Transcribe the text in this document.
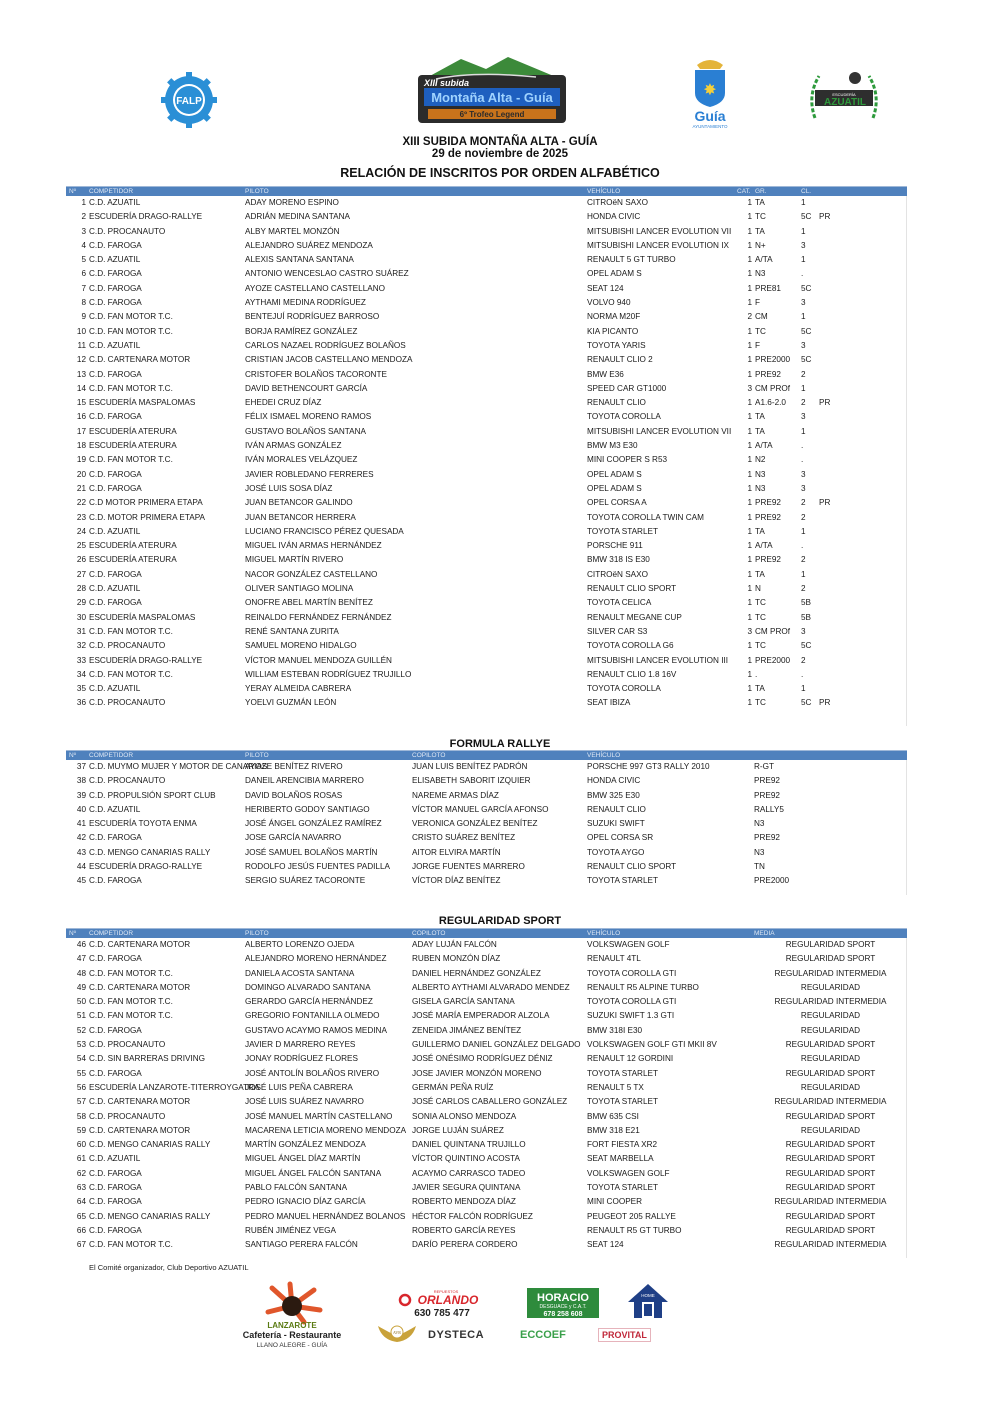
FALP
XIII subida
Montaña Alta - Guía
6º Trofeo Legend
✸
Guía
AYUNTAMIENTO
ESCUDERÍA
AZUATIL
XIII SUBIDA MONTAÑA ALTA - GUÍA
29 de noviembre de 2025
RELACIÓN DE INSCRITOS POR ORDEN ALFABÉTICO
Nº	COMPETIDOR	PILOTO	VEHÍCULO	CAT.	GR.	CL.	
1	C.D. AZUATIL	ADAY MORENO ESPINO	CITROëN SAXO	1	TA	1	
2	ESCUDERÍA DRAGO-RALLYE	ADRIÁN MEDINA SANTANA	HONDA CIVIC	1	TC	5C	PR
3	C.D. PROCANAUTO	ALBY MARTEL MONZÓN	MITSUBISHI LANCER EVOLUTION VII	1	TA	1	
4	C.D. FAROGA	ALEJANDRO SUÁREZ MENDOZA	MITSUBISHI LANCER EVOLUTION IX	1	N+	3	
5	C.D. AZUATIL	ALEXIS SANTANA SANTANA	RENAULT 5 GT TURBO	1	A/TA	1	
6	C.D. FAROGA	ANTONIO WENCESLAO CASTRO SUÁREZ	OPEL ADAM S	1	N3	.	
7	C.D. FAROGA	AYOZE CASTELLANO CASTELLANO	SEAT 124	1	PRE81	5C	
8	C.D. FAROGA	AYTHAMI MEDINA RODRÍGUEZ	VOLVO 940	1	F	3	
9	C.D. FAN MOTOR T.C.	BENTEJUÍ RODRÍGUEZ BARROSO	NORMA M20F	2	CM	1	
10	C.D. FAN MOTOR T.C.	BORJA RAMÍREZ GONZÁLEZ	KIA PICANTO	1	TC	5C	
11	C.D. AZUATIL	CARLOS NAZAEL RODRÍGUEZ BOLAÑOS	TOYOTA YARIS	1	F	3	
12	C.D. CARTENARA MOTOR	CRISTIAN JACOB CASTELLANO MENDOZA	RENAULT CLIO 2	1	PRE2000	5C	
13	C.D. FAROGA	CRISTOFER BOLAÑOS TACORONTE	BMW E36	1	PRE92	2	
14	C.D. FAN MOTOR T.C.	DAVID BETHENCOURT GARCÍA	SPEED CAR GT1000	3	CM PROf	1	
15	ESCUDERÍA MASPALOMAS	EHEDEI CRUZ DÍAZ	RENAULT CLIO	1	A1.6-2.0	2	PR
16	C.D. FAROGA	FÉLIX ISMAEL MORENO RAMOS	TOYOTA COROLLA	1	TA	3	
17	ESCUDERÍA ATERURA	GUSTAVO BOLAÑOS SANTANA	MITSUBISHI LANCER EVOLUTION VII	1	TA	1	
18	ESCUDERÍA ATERURA	IVÁN ARMAS GONZÁLEZ	BMW M3 E30	1	A/TA	.	
19	C.D. FAN MOTOR T.C.	IVÁN MORALES VELÁZQUEZ	MINI COOPER S R53	1	N2	.	
20	C.D. FAROGA	JAVIER ROBLEDANO FERRERES	OPEL ADAM S	1	N3	3	
21	C.D. FAROGA	JOSÉ LUIS SOSA DÍAZ	OPEL ADAM S	1	N3	3	
22	C.D MOTOR PRIMERA ETAPA	JUAN BETANCOR GALINDO	OPEL CORSA A	1	PRE92	2	PR
23	C.D. MOTOR PRIMERA ETAPA	JUAN BETANCOR HERRERA	TOYOTA COROLLA TWIN CAM	1	PRE92	2	
24	C.D. AZUATIL	LUCIANO FRANCISCO PÉREZ QUESADA	TOYOTA STARLET	1	TA	1	
25	ESCUDERÍA ATERURA	MIGUEL IVÁN ARMAS HERNÁNDEZ	PORSCHE 911	1	A/TA	.	
26	ESCUDERÍA ATERURA	MIGUEL MARTÍN RIVERO	BMW 318 IS E30	1	PRE92	2	
27	C.D. FAROGA	NACOR GONZÁLEZ CASTELLANO	CITROëN SAXO	1	TA	1	
28	C.D. AZUATIL	OLIVER SANTIAGO MOLINA	RENAULT CLIO SPORT	1	N	2	
29	C.D. FAROGA	ONOFRE ABEL MARTÍN BENÍTEZ	TOYOTA CELICA	1	TC	5B	
30	ESCUDERÍA MASPALOMAS	REINALDO FERNÁNDEZ FERNÁNDEZ	RENAULT MEGANE CUP	1	TC	5B	
31	C.D. FAN MOTOR T.C.	RENÉ SANTANA ZURITA	SILVER CAR S3	3	CM PROf	3	
32	C.D. PROCANAUTO	SAMUEL MORENO HIDALGO	TOYOTA COROLLA G6	1	TC	5C	
33	ESCUDERÍA DRAGO-RALLYE	VÍCTOR MANUEL MENDOZA GUILLÉN	MITSUBISHI LANCER EVOLUTION III	1	PRE2000	2	
34	C.D. FAN MOTOR T.C.	WILLIAM ESTEBAN RODRÍGUEZ TRUJILLO	RENAULT CLIO 1.8 16V	1	.	.	
35	C.D. AZUATIL	YERAY ALMEIDA CABRERA	TOYOTA COROLLA	1	TA	1	
36	C.D. PROCANAUTO	YOELVI GUZMÁN LEÓN	SEAT IBIZA	1	TC	5C	PR
FORMULA RALLYE
Nº	COMPETIDOR	PILOTO	COPILOTO	VEHÍCULO	
37	C.D. MUYMO MUJER Y MOTOR DE CANARIAS	AYOZE BENÍTEZ RIVERO	JUAN LUIS BENÍTEZ PADRÓN	PORSCHE 997 GT3 RALLY 2010	R-GT
38	C.D. PROCANAUTO	DANEIL ARENCIBIA MARRERO	ELISABETH SABORIT IZQUIER	HONDA CIVIC	PRE92
39	C.D. PROPULSIÓN SPORT CLUB	DAVID BOLAÑOS ROSAS	NAREME ARMAS DÍAZ	BMW 325 E30	PRE92
40	C.D. AZUATIL	HERIBERTO GODOY SANTIAGO	VÍCTOR MANUEL GARCÍA AFONSO	RENAULT CLIO	RALLY5
41	ESCUDERÍA TOYOTA ENMA	JOSÉ ÁNGEL GONZÁLEZ RAMÍREZ	VERONICA GONZÁLEZ BENÍTEZ	SUZUKI SWIFT	N3
42	C.D. FAROGA	JOSE GARCÍA NAVARRO	CRISTO SUÁREZ BENÍTEZ	OPEL CORSA SR	PRE92
43	C.D. MENGO CANARIAS RALLY	JOSÉ SAMUEL BOLAÑOS MARTÍN	AITOR ELVIRA MARTÍN	TOYOTA AYGO	N3
44	ESCUDERÍA DRAGO-RALLYE	RODOLFO JESÚS FUENTES PADILLA	JORGE FUENTES MARRERO	RENAULT CLIO SPORT	TN
45	C.D. FAROGA	SERGIO SUÁREZ TACORONTE	VÍCTOR DÍAZ BENÍTEZ	TOYOTA STARLET	PRE2000
REGULARIDAD SPORT
Nº	COMPETIDOR	PILOTO	COPILOTO	VEHÍCULO	MEDIA
46	C.D. CARTENARA MOTOR	ALBERTO LORENZO OJEDA	ADAY LUJÁN FALCÓN	VOLKSWAGEN GOLF	REGULARIDAD SPORT
47	C.D. FAROGA	ALEJANDRO MORENO HERNÁNDEZ	RUBEN MONZÓN DÍAZ	RENAULT 4TL	REGULARIDAD SPORT
48	C.D. FAN MOTOR T.C.	DANIELA ACOSTA SANTANA	DANIEL HERNÁNDEZ GONZÁLEZ	TOYOTA COROLLA GTI	REGULARIDAD INTERMEDIA
49	C.D. CARTENARA MOTOR	DOMINGO ALVARADO SANTANA	ALBERTO AYTHAMI ALVARADO MENDEZ	RENAULT R5 ALPINE TURBO	REGULARIDAD
50	C.D. FAN MOTOR T.C.	GERARDO GARCÍA HERNÁNDEZ	GISELA GARCÍA SANTANA	TOYOTA COROLLA GTI	REGULARIDAD INTERMEDIA
51	C.D. FAN MOTOR T.C.	GREGORIO FONTANILLA OLMEDO	JOSÉ MARÍA EMPERADOR ALZOLA	SUZUKI SWIFT 1.3 GTI	REGULARIDAD
52	C.D. FAROGA	GUSTAVO ACAYMO RAMOS MEDINA	ZENEIDA JIMÁNEZ BENÍTEZ	BMW 318I E30	REGULARIDAD
53	C.D. PROCANAUTO	JAVIER D MARRERO REYES	GUILLERMO DANIEL GONZÁLEZ DELGADO	VOLKSWAGEN GOLF GTI MKII 8V	REGULARIDAD SPORT
54	C.D. SIN BARRERAS DRIVING	JONAY RODRÍGUEZ FLORES	JOSÉ ONÉSIMO RODRÍGUEZ DÉNIZ	RENAULT 12 GORDINI	REGULARIDAD
55	C.D. FAROGA	JOSÉ ANTOLÍN BOLAÑOS RIVERO	JOSE JAVIER MONZÓN MORENO	TOYOTA STARLET	REGULARIDAD SPORT
56	ESCUDERÍA LANZAROTE-TITERROYGATRA	JOSÉ LUIS PEÑA CABRERA	GERMÁN PEÑA RUÍZ	RENAULT 5 TX	REGULARIDAD
57	C.D. CARTENARA MOTOR	JOSÉ LUIS SUÁREZ NAVARRO	JOSÉ CARLOS CABALLERO GONZÁLEZ	TOYOTA STARLET	REGULARIDAD INTERMEDIA
58	C.D. PROCANAUTO	JOSÉ MANUEL MARTÍN CASTELLANO	SONIA ALONSO MENDOZA	BMW 635 CSI	REGULARIDAD SPORT
59	C.D. CARTENARA MOTOR	MACARENA LETICIA MORENO MENDOZA	JORGE LUJÁN SUÁREZ	BMW 318 E21	REGULARIDAD
60	C.D. MENGO CANARIAS RALLY	MARTÍN GONZÁLEZ MENDOZA	DANIEL QUINTANA TRUJILLO	FORT FIESTA XR2	REGULARIDAD SPORT
61	C.D. AZUATIL	MIGUEL ÁNGEL DÍAZ MARTÍN	VÍCTOR QUINTINO ACOSTA	SEAT MARBELLA	REGULARIDAD SPORT
62	C.D. FAROGA	MIGUEL ÁNGEL FALCÓN SANTANA	ACAYMO CARRASCO TADEO	VOLKSWAGEN GOLF	REGULARIDAD SPORT
63	C.D. FAROGA	PABLO FALCÓN SANTANA	JAVIER SEGURA QUINTANA	TOYOTA STARLET	REGULARIDAD SPORT
64	C.D. FAROGA	PEDRO IGNACIO DÍAZ GARCÍA	ROBERTO MENDOZA DÍAZ	MINI COOPER	REGULARIDAD INTERMEDIA
65	C.D. MENGO CANARIAS RALLY	PEDRO MANUEL HERNÁNDEZ BOLANOS	HÉCTOR FALCÓN RODRÍGUEZ	PEUGEOT 205 RALLYE	REGULARIDAD SPORT
66	C.D. FAROGA	RUBÉN JIMÉNEZ VEGA	ROBERTO GARCÍA REYES	RENAULT R5 GT TURBO	REGULARIDAD SPORT
67	C.D. FAN MOTOR T.C.	SANTIAGO PERERA FALCÓN	DARÍO PERERA CORDERO	SEAT 124	REGULARIDAD INTERMEDIA
El Comité organizador, Club Deportivo AZUATIL
LANZAROTE
Cafetería - Restaurante
LLANO ALEGRE - GUÍA
REPUESTOS
ORLANDO
630 785 477
HORACIO
DESGUACE y C.A.T.
678 258 608
HOME
AVR DYSTECA	ECCOEF	PROVITAL
